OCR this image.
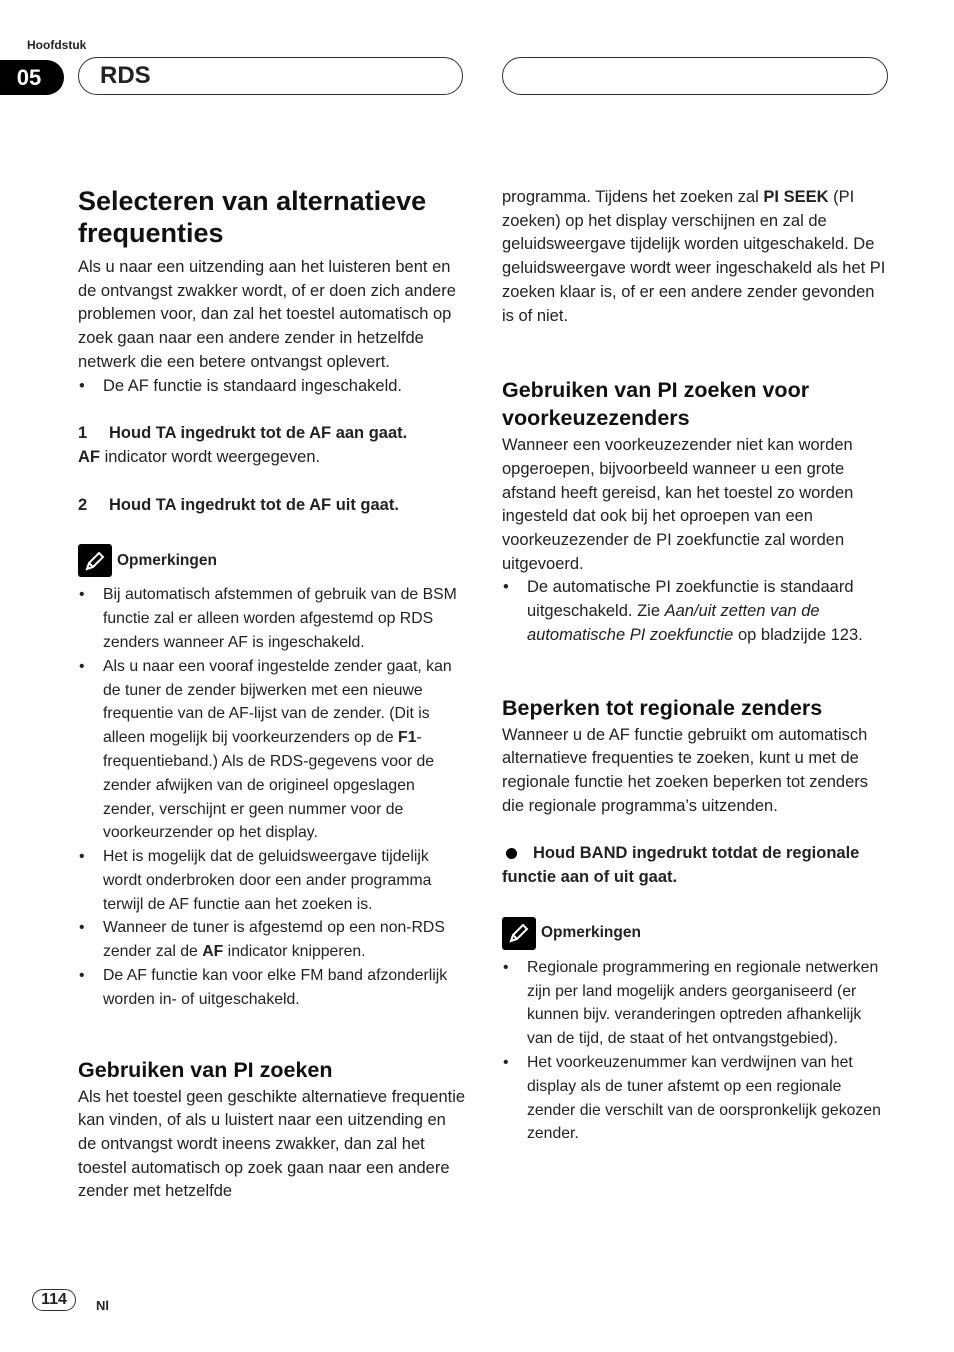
Hoofdstuk
05	RDS
Selecteren van alternatieve frequenties

Als u naar een uitzending aan het luisteren bent en de ontvangst zwakker wordt, of er doen zich andere problemen voor, dan zal het toestel automatisch op zoek gaan naar een andere zender in hetzelfde netwerk die een betere ontvangst oplevert.

• De AF functie is standaard ingeschakeld.

1 Houd TA ingedrukt tot de AF aan gaat.

AF indicator wordt weergegeven.

2 Houd TA ingedrukt tot de AF uit gaat.

Opmerkingen

• Bij automatisch afstemmen of gebruik van de BSM functie zal er alleen worden afgestemd op RDS zenders wanneer AF is ingeschakeld.

• Als u naar een vooraf ingestelde zender gaat, kan de tuner de zender bijwerken met een nieuwe frequentie van de AF-lijst van de zender. (Dit is alleen mogelijk bij voorkeurzenders op de F1-frequentieband.) Als de RDS-gegevens voor de zender afwijken van de origineel opgeslagen zender, verschijnt er geen nummer voor de voorkeurzender op het display.

• Het is mogelijk dat de geluidsweergave tijdelijk wordt onderbroken door een ander programma terwijl de AF functie aan het zoeken is.

• Wanneer de tuner is afgestemd op een non-RDS zender zal de AF indicator knipperen.

• De AF functie kan voor elke FM band afzonderlijk worden in- of uitgeschakeld.

Gebruiken van PI zoeken

Als het toestel geen geschikte alternatieve frequentie kan vinden, of als u luistert naar een uitzending en de ontvangst wordt ineens zwakker, dan zal het toestel automatisch op zoek gaan naar een andere zender met hetzelfde

programma. Tijdens het zoeken zal PI SEEK (PI zoeken) op het display verschijnen en zal de geluidsweergave tijdelijk worden uitgeschakeld. De geluidsweergave wordt weer ingeschakeld als het PI zoeken klaar is, of er een andere zender gevonden is of niet.

Gebruiken van PI zoeken voor voorkeuzezenders

Wanneer een voorkeuzezender niet kan worden opgeroepen, bijvoorbeeld wanneer u een grote afstand heeft gereisd, kan het toestel zo worden ingesteld dat ook bij het oproepen van een voorkeuzezender de PI zoekfunctie zal worden uitgevoerd.

• De automatische PI zoekfunctie is standaard uitgeschakeld. Zie Aan/uit zetten van de automatische PI zoekfunctie op bladzijde 123.

Beperken tot regionale zenders

Wanneer u de AF functie gebruikt om automatisch alternatieve frequenties te zoeken, kunt u met de regionale functie het zoeken beperken tot zenders die regionale programma’s uitzenden.

Houd BAND ingedrukt totdat de regionale functie aan of uit gaat.

Opmerkingen

• Regionale programmering en regionale netwerken zijn per land mogelijk anders georganiseerd (er kunnen bijv. veranderingen optreden afhankelijk van de tijd, de staat of het ontvangstgebied).

• Het voorkeuzenummer kan verdwijnen van het display als de tuner afstemt op een regionale zender die verschilt van de oorspronkelijk gekozen zender.

114	Nl
